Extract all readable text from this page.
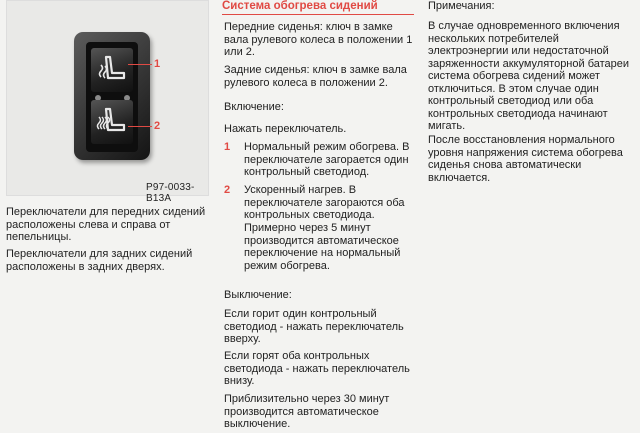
1
2
P97-0033-B13A

Переключатели для передних сидений расположены слева и справа от пепельницы.

Переключатели для задних сидений расположены в задних дверях.

Система обогрева сидений

Передние сиденья: ключ в замке вала рулевого колеса в положении 1 или 2.

Задние сиденья: ключ в замке вала рулевого колеса в положении 2.

Включение:

Нажать переключатель.

1 Нормальный режим обогрева. В переключателе загорается один контрольный светодиод.

2 Ускоренный нагрев. В переключателе загораются оба контрольных светодиода.

Примерно через 5 минут производится автоматическое переключение на нормальный режим обогрева.

Выключение:

Если горит один контрольный светодиод - нажать переключатель вверху.

Если горят оба контрольных светодиода - нажать переключатель внизу.

Приблизительно через 30 минут производится автоматическое выключение.

Примечания:

В случае одновременного включения нескольких потребителей электроэнергии или недостаточной заряженности аккумуляторной батареи система обогрева сидений может отключиться. В этом случае один контрольный светодиод или оба контрольных светодиода начинают мигать.

После восстановления нормального уровня напряжения система обогрева сиденья снова автоматически включается.
